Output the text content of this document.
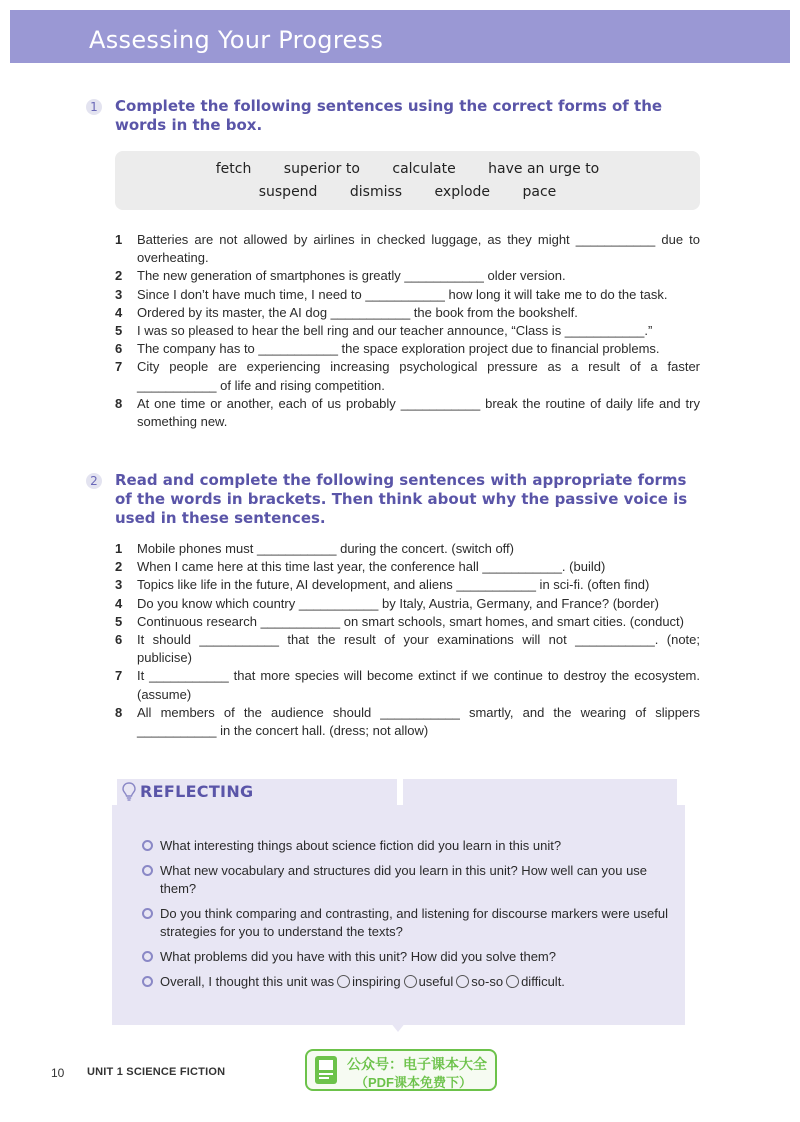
Assessing Your Progress
1 Complete the following sentences using the correct forms of the words in the box.
fetch superior to calculate have an urge to
suspend dismiss explode pace
1 Batteries are not allowed by airlines in checked luggage, as they might ___________ due to overheating.
2 The new generation of smartphones is greatly ___________ older version.
3 Since I don’t have much time, I need to ___________ how long it will take me to do the task.
4 Ordered by its master, the AI dog ___________ the book from the bookshelf.
5 I was so pleased to hear the bell ring and our teacher announce, “Class is ___________.”
6 The company has to ___________ the space exploration project due to financial problems.
7 City people are experiencing increasing psychological pressure as a result of a faster ___________ of life and rising competition.
8 At one time or another, each of us probably ___________ break the routine of daily life and try something new.
2 Read and complete the following sentences with appropriate forms of the words in brackets. Then think about why the passive voice is used in these sentences.
1 Mobile phones must ___________ during the concert. (switch off)
2 When I came here at this time last year, the conference hall ___________. (build)
3 Topics like life in the future, AI development, and aliens ___________ in sci-fi. (often find)
4 Do you know which country ___________ by Italy, Austria, Germany, and France? (border)
5 Continuous research ___________ on smart schools, smart homes, and smart cities. (conduct)
6 It should ___________ that the result of your examinations will not ___________. (note; publicise)
7 It ___________ that more species will become extinct if we continue to destroy the ecosystem. (assume)
8 All members of the audience should ___________ smartly, and the wearing of slippers ___________ in the concert hall. (dress; not allow)
REFLECTING
What interesting things about science fiction did you learn in this unit?
What new vocabulary and structures did you learn in this unit? How well can you use them?
Do you think comparing and contrasting, and listening for discourse markers were useful strategies for you to understand the texts?
What problems did you have with this unit? How did you solve them?
Overall, I thought this unit was inspiring useful so-so difficult.
10 UNIT 1 SCIENCE FICTION	公众号：电子课本大全
（PDF课本免费下）
